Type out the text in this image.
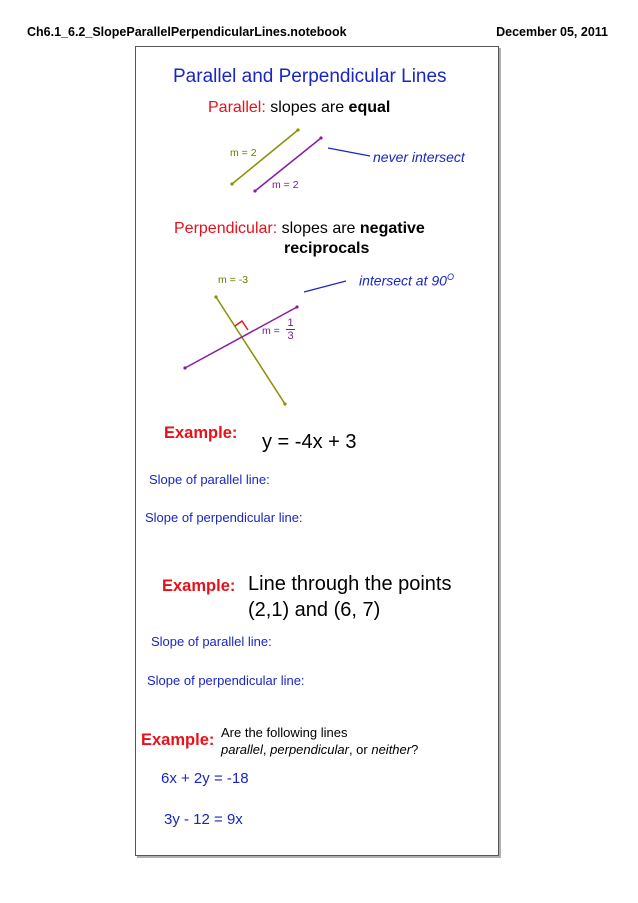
Ch6.1_6.2_SlopeParallelPerpendicularLines.notebook	December 05, 2011
Parallel and Perpendicular Lines
Parallel: slopes are equal
m = 2
m = 2
never intersect
Perpendicular: slopes are negative
reciprocals
m = -3
m =
1
3
intersect at $90^O$
Example: y = -4x + 3
Slope of parallel line:
Slope of perpendicular line:
Example: Line through the points
(2,1) and (6, 7)
Slope of parallel line:
Slope of perpendicular line:
Example: Are the following lines
parallel, perpendicular, or neither?
6x + 2y = -18
3y - 12 = 9x
